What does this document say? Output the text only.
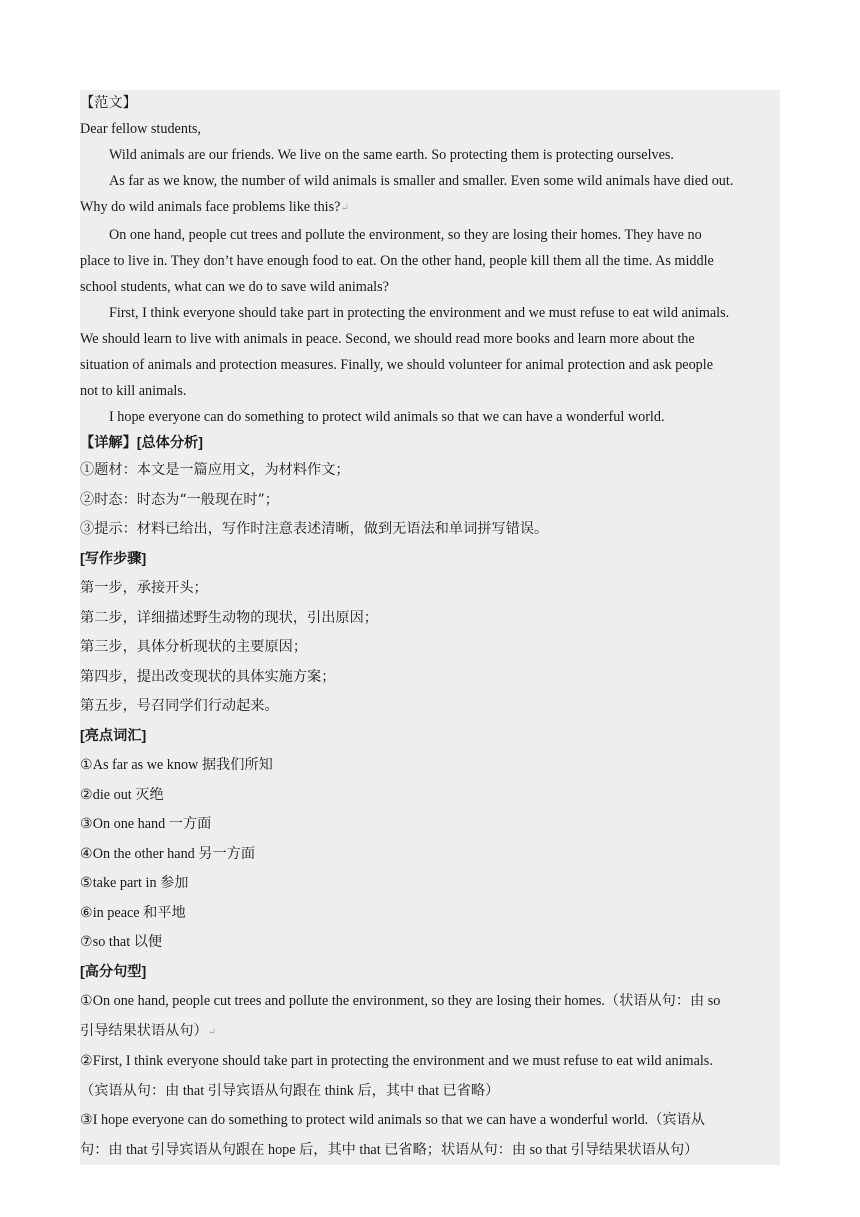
【范文】
Dear fellow students,
Wild animals are our friends. We live on the same earth. So protecting them is protecting ourselves.
As far as we know, the number of wild animals is smaller and smaller. Even some wild animals have died out.
Why do wild animals face problems like this?↵
On one hand, people cut trees and pollute the environment, so they are losing their homes. They have no
place to live in. They don’t have enough food to eat. On the other hand, people kill them all the time. As middle
school students, what can we do to save wild animals?
First, I think everyone should take part in protecting the environment and we must refuse to eat wild animals.
We should learn to live with animals in peace. Second, we should read more books and learn more about the
situation of animals and protection measures. Finally, we should volunteer for animal protection and ask people
not to kill animals.
I hope everyone can do something to protect wild animals so that we can have a wonderful world.
【详解】[总体分析]
①题材：本文是一篇应用文，为材料作文；
②时态：时态为“一般现在时”；
③提示：材料已给出，写作时注意表述清晰，做到无语法和单词拼写错误。
[写作步骤]
第一步，承接开头；
第二步，详细描述野生动物的现状，引出原因；
第三步，具体分析现状的主要原因；
第四步，提出改变现状的具体实施方案；
第五步，号召同学们行动起来。
[亮点词汇]
①As far as we know 据我们所知
②die out 灭绝
③On one hand 一方面
④On the other hand 另一方面
⑤take part in 参加
⑥in peace 和平地
⑦so that 以便
[高分句型]
①On one hand, people cut trees and pollute the environment, so they are losing their homes.（状语从句：由 so
引导结果状语从句）↵
②First, I think everyone should take part in protecting the environment and we must refuse to eat wild animals.
（宾语从句：由 that 引导宾语从句跟在 think 后，其中 that 已省略）
③I hope everyone can do something to protect wild animals so that we can have a wonderful world.（宾语从
句：由 that 引导宾语从句跟在 hope 后，其中 that 已省略；状语从句：由 so that 引导结果状语从句）
